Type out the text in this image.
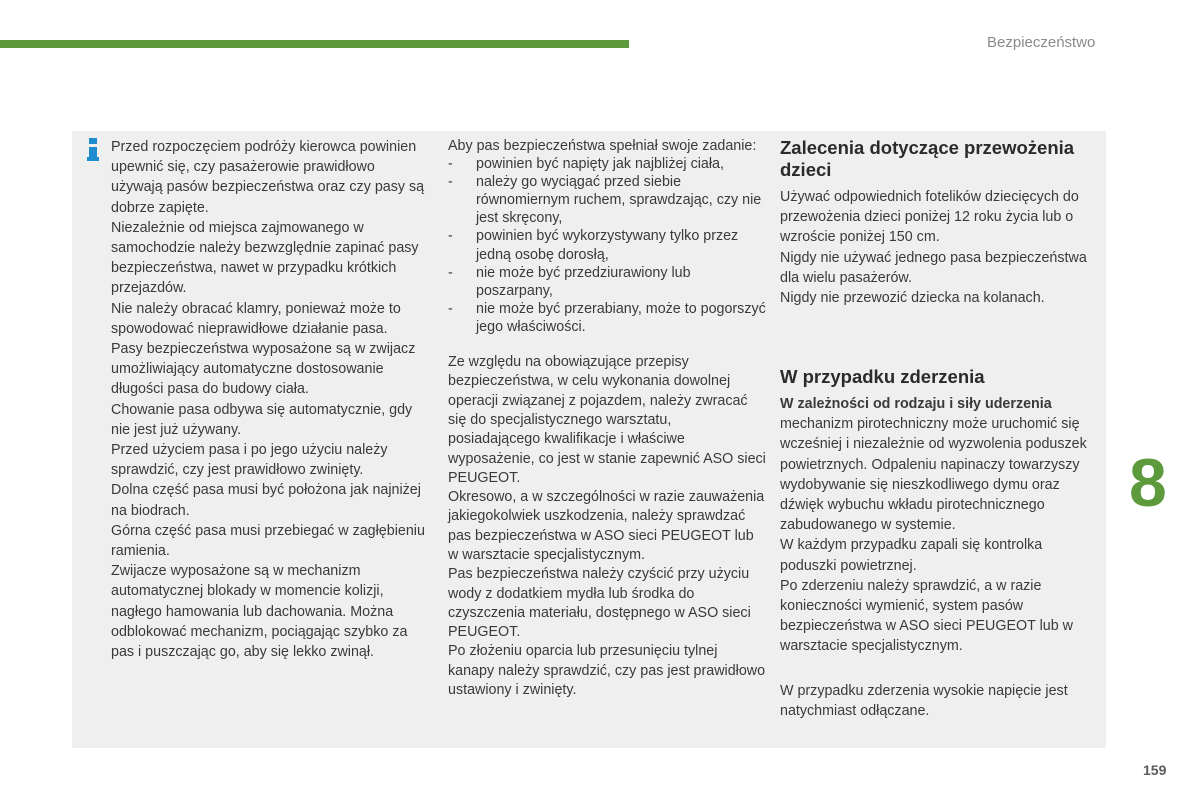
Bezpieczeństwo

Przed rozpoczęciem podróży kierowca powinien upewnić się, czy pasażerowie prawidłowo używają pasów bezpieczeństwa oraz czy pasy są dobrze zapięte.
Niezależnie od miejsca zajmowanego w samochodzie należy bezwzględnie zapinać pasy bezpieczeństwa, nawet w przypadku krótkich przejazdów.
Nie należy obracać klamry, ponieważ może to spowodować nieprawidłowe działanie pasa.
Pasy bezpieczeństwa wyposażone są w zwijacz umożliwiający automatyczne dostosowanie długości pasa do budowy ciała.
Chowanie pasa odbywa się automatycznie, gdy nie jest już używany.
Przed użyciem pasa i po jego użyciu należy sprawdzić, czy jest prawidłowo zwinięty.
Dolna część pasa musi być położona jak najniżej na biodrach.
Górna część pasa musi przebiegać w zagłębieniu ramienia.
Zwijacze wyposażone są w mechanizm automatycznej blokady w momencie kolizji, nagłego hamowania lub dachowania. Można odblokować mechanizm, pociągając szybko za pas i puszczając go, aby się lekko zwinął.

Aby pas bezpieczeństwa spełniał swoje zadanie:

- powinien być napięty jak najbliżej ciała,
- należy go wyciągać przed siebie równomiernym ruchem, sprawdzając, czy nie jest skręcony,
- powinien być wykorzystywany tylko przez jedną osobę dorosłą,
- nie może być przedziurawiony lub poszarpany,
- nie może być przerabiany, może to pogorszyć jego właściwości.

Ze względu na obowiązujące przepisy bezpieczeństwa, w celu wykonania dowolnej operacji związanej z pojazdem, należy zwracać się do specjalistycznego warsztatu, posiadającego kwalifikacje i właściwe wyposażenie, co jest w stanie zapewnić ASO sieci PEUGEOT.
Okresowo, a w szczególności w razie zauważenia jakiegokolwiek uszkodzenia, należy sprawdzać pas bezpieczeństwa w ASO sieci PEUGEOT lub w warsztacie specjalistycznym.
Pas bezpieczeństwa należy czyścić przy użyciu wody z dodatkiem mydła lub środka do czyszczenia materiału, dostępnego w ASO sieci PEUGEOT.
Po złożeniu oparcia lub przesunięciu tylnej kanapy należy sprawdzić, czy pas jest prawidłowo ustawiony i zwinięty.

Zalecenia dotyczące przewożenia dzieci

Używać odpowiednich fotelików dziecięcych do przewożenia dzieci poniżej 12 roku życia lub o wzroście poniżej 150 cm.
Nigdy nie używać jednego pasa bezpieczeństwa dla wielu pasażerów.
Nigdy nie przewozić dziecka na kolanach.

W przypadku zderzenia

W zależności od rodzaju i siły uderzenia

mechanizm pirotechniczny może uruchomić się wcześniej i niezależnie od wyzwolenia poduszek powietrznych. Odpaleniu napinaczy towarzyszy wydobywanie się nieszkodliwego dymu oraz dźwięk wybuchu wkładu pirotechnicznego zabudowanego w systemie.
W każdym przypadku zapali się kontrolka poduszki powietrznej.
Po zderzeniu należy sprawdzić, a w razie konieczności wymienić, system pasów bezpieczeństwa w ASO sieci PEUGEOT lub w warsztacie specjalistycznym.

W przypadku zderzenia wysokie napięcie jest natychmiast odłączane.
8
159
